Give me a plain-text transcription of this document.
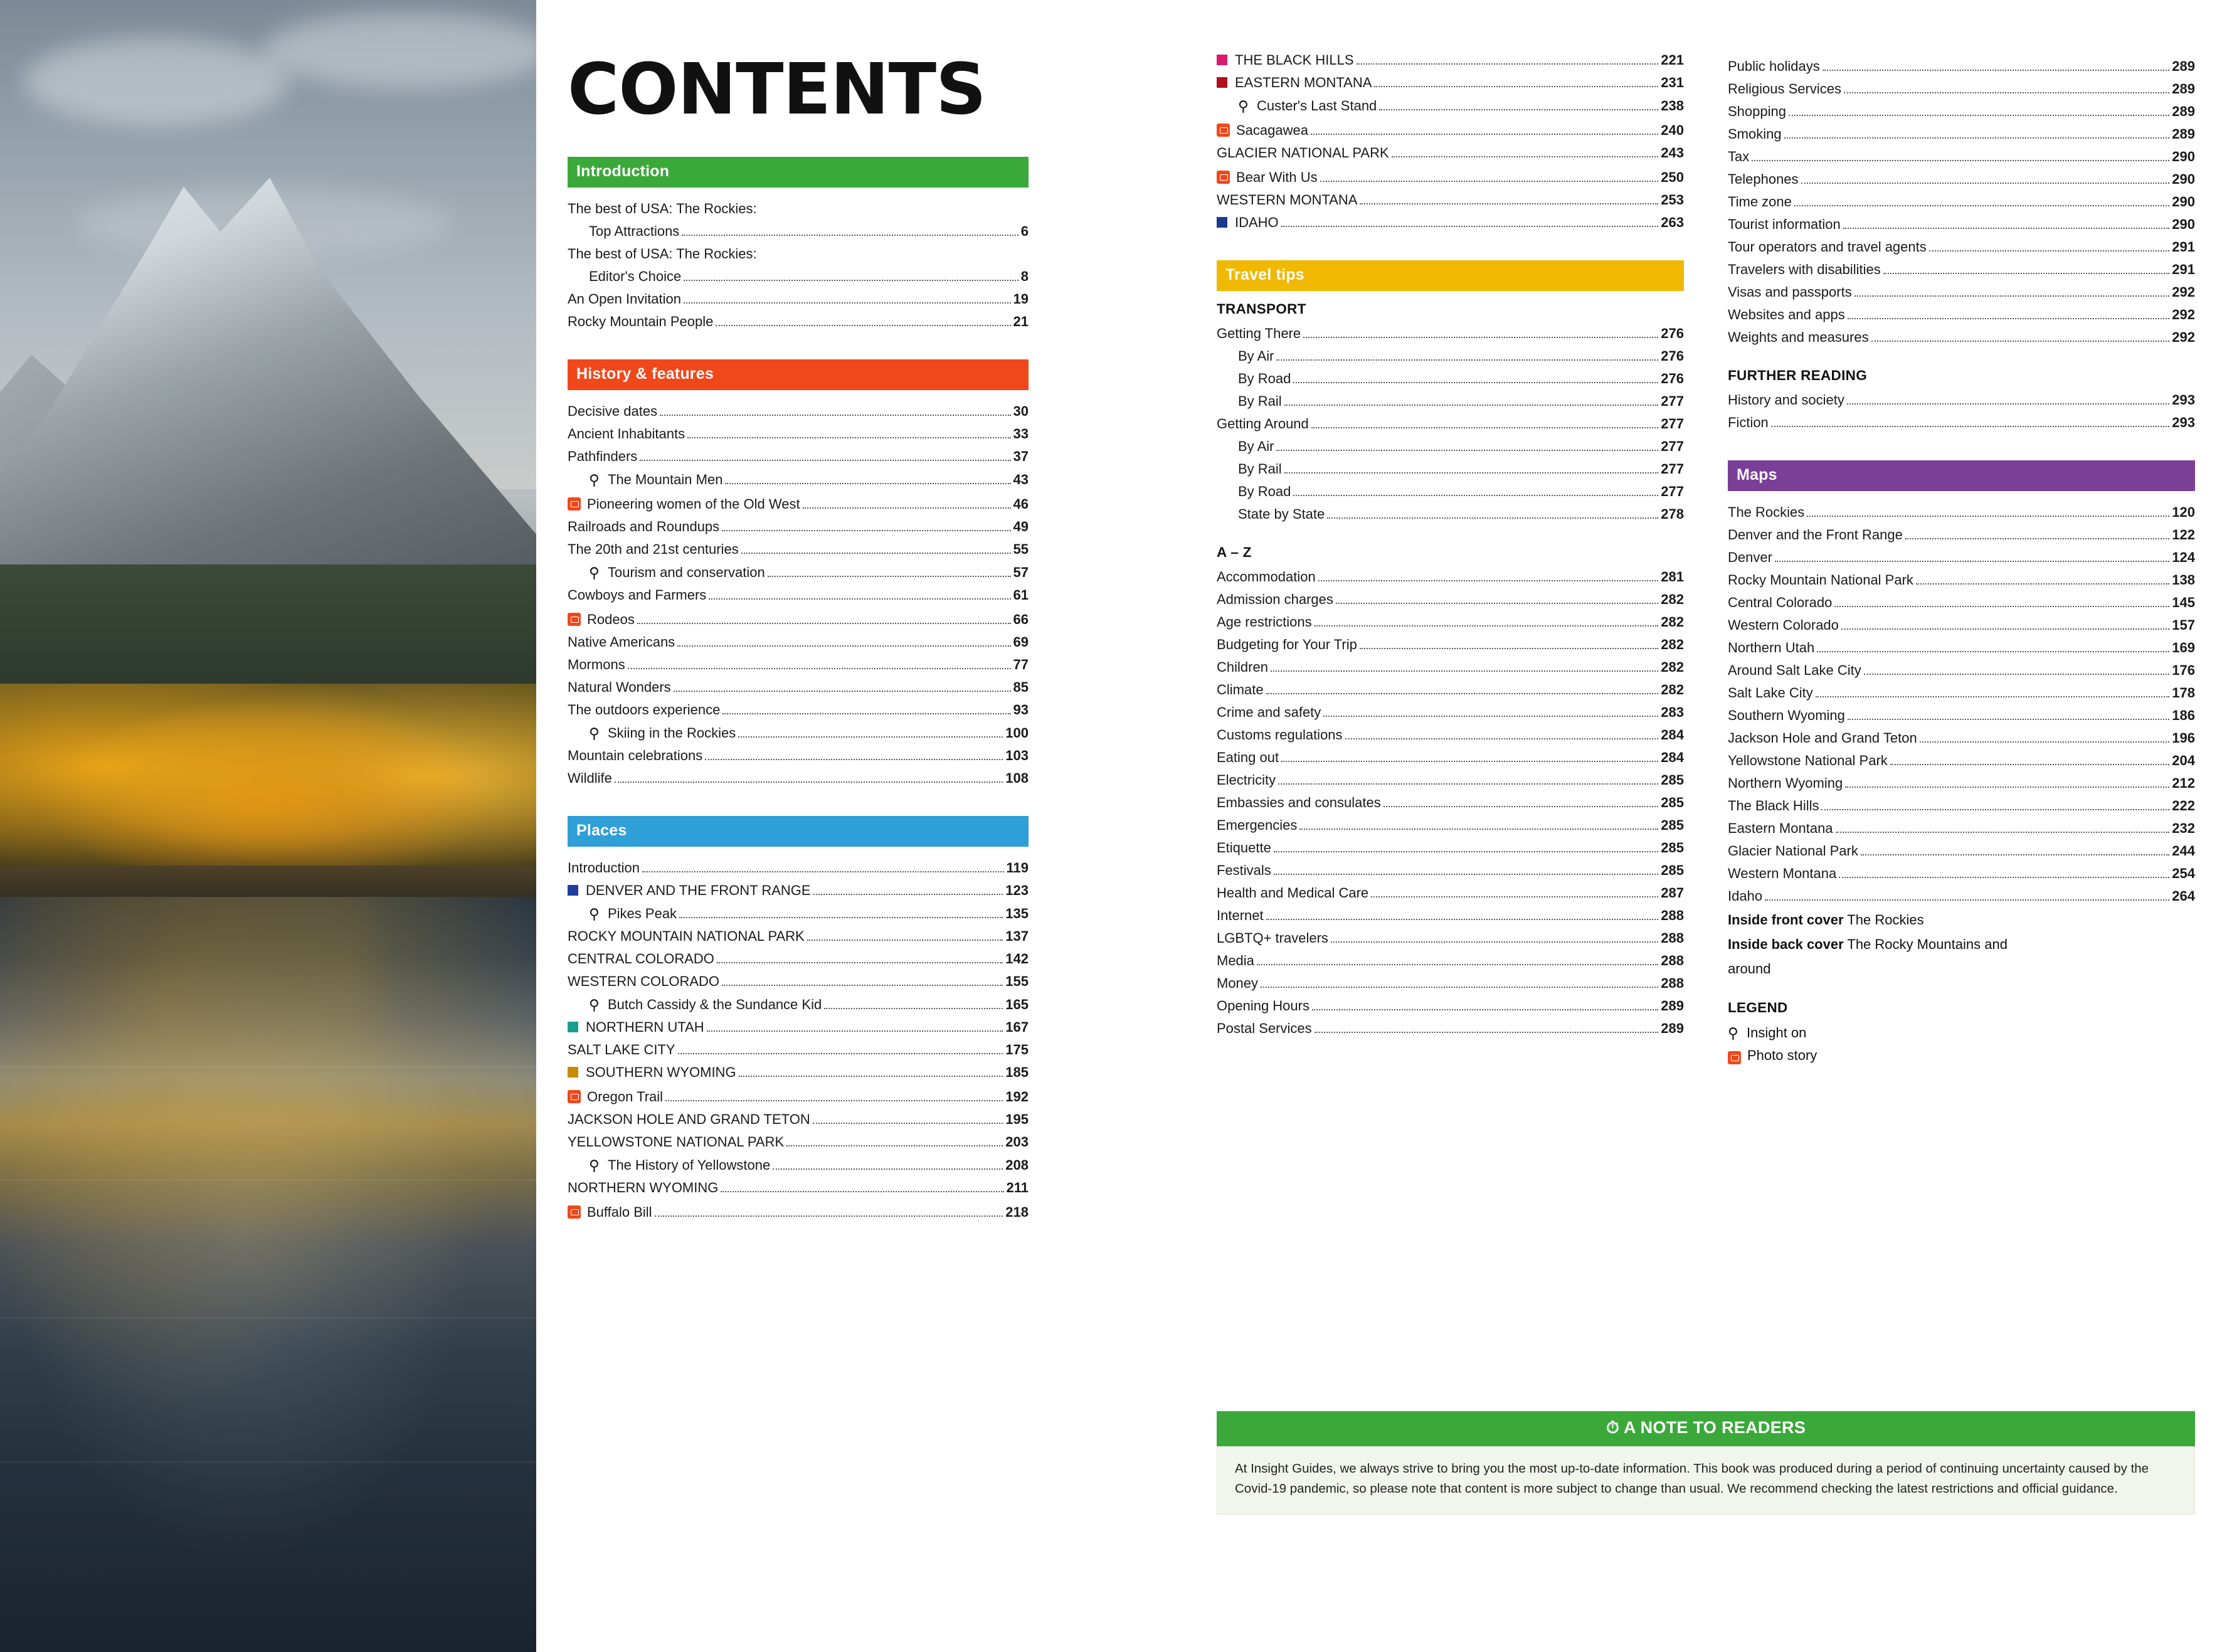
CONTENTS
Introduction
The best of USA: The Rockies:
Top Attractions	6
The best of USA: The Rockies:
Editor's Choice	8
An Open Invitation	19
Rocky Mountain People	21
History & features
Decisive dates	30
Ancient Inhabitants	33
Pathfinders	37
⚲ The Mountain Men	43
Pioneering women of the Old West	46
Railroads and Roundups	49
The 20th and 21st centuries	55
⚲ Tourism and conservation	57
Cowboys and Farmers	61
Rodeos	66
Native Americans	69
Mormons	77
Natural Wonders	85
The outdoors experience	93
⚲ Skiing in the Rockies	100
Mountain celebrations	103
Wildlife	108
Places
Introduction	119
DENVER AND THE FRONT RANGE	123
⚲ Pikes Peak	135
ROCKY MOUNTAIN NATIONAL PARK	137
CENTRAL COLORADO	142
WESTERN COLORADO	155
⚲ Butch Cassidy & the Sundance Kid	165
NORTHERN UTAH	167
SALT LAKE CITY	175
SOUTHERN WYOMING	185
Oregon Trail	192
JACKSON HOLE AND GRAND TETON	195
YELLOWSTONE NATIONAL PARK	203
⚲ The History of Yellowstone	208
NORTHERN WYOMING	211
Buffalo Bill	218
THE BLACK HILLS	221
EASTERN MONTANA	231
⚲ Custer's Last Stand	238
Sacagawea	240
GLACIER NATIONAL PARK	243
Bear With Us	250
WESTERN MONTANA	253
IDAHO	263
Travel tips
TRANSPORT
Getting There	276
By Air	276
By Road	276
By Rail	277
Getting Around	277
By Air	277
By Rail	277
By Road	277
State by State	278
A – Z
Accommodation	281
Admission charges	282
Age restrictions	282
Budgeting for Your Trip	282
Children	282
Climate	282
Crime and safety	283
Customs regulations	284
Eating out	284
Electricity	285
Embassies and consulates	285
Emergencies	285
Etiquette	285
Festivals	285
Health and Medical Care	287
Internet	288
LGBTQ+ travelers	288
Media	288
Money	288
Opening Hours	289
Postal Services	289
Public holidays	289
Religious Services	289
Shopping	289
Smoking	289
Tax	290
Telephones	290
Time zone	290
Tourist information	290
Tour operators and travel agents	291
Travelers with disabilities	291
Visas and passports	292
Websites and apps	292
Weights and measures	292
FURTHER READING
History and society	293
Fiction	293
Maps
The Rockies	120
Denver and the Front Range	122
Denver	124
Rocky Mountain National Park	138
Central Colorado	145
Western Colorado	157
Northern Utah	169
Around Salt Lake City	176
Salt Lake City	178
Southern Wyoming	186
Jackson Hole and Grand Teton	196
Yellowstone National Park	204
Northern Wyoming	212
The Black Hills	222
Eastern Montana	232
Glacier National Park	244
Western Montana	254
Idaho	264
Inside front cover The Rockies
Inside back cover The Rocky Mountains and
around
LEGEND
⚲ Insight on
Photo story
⏱ A NOTE TO READERS
At Insight Guides, we always strive to bring you the most up-to-date information. This book was produced during a period of continuing uncertainty caused by the Covid-19 pandemic, so please note that content is more subject to change than usual. We recommend checking the latest restrictions and official guidance.
